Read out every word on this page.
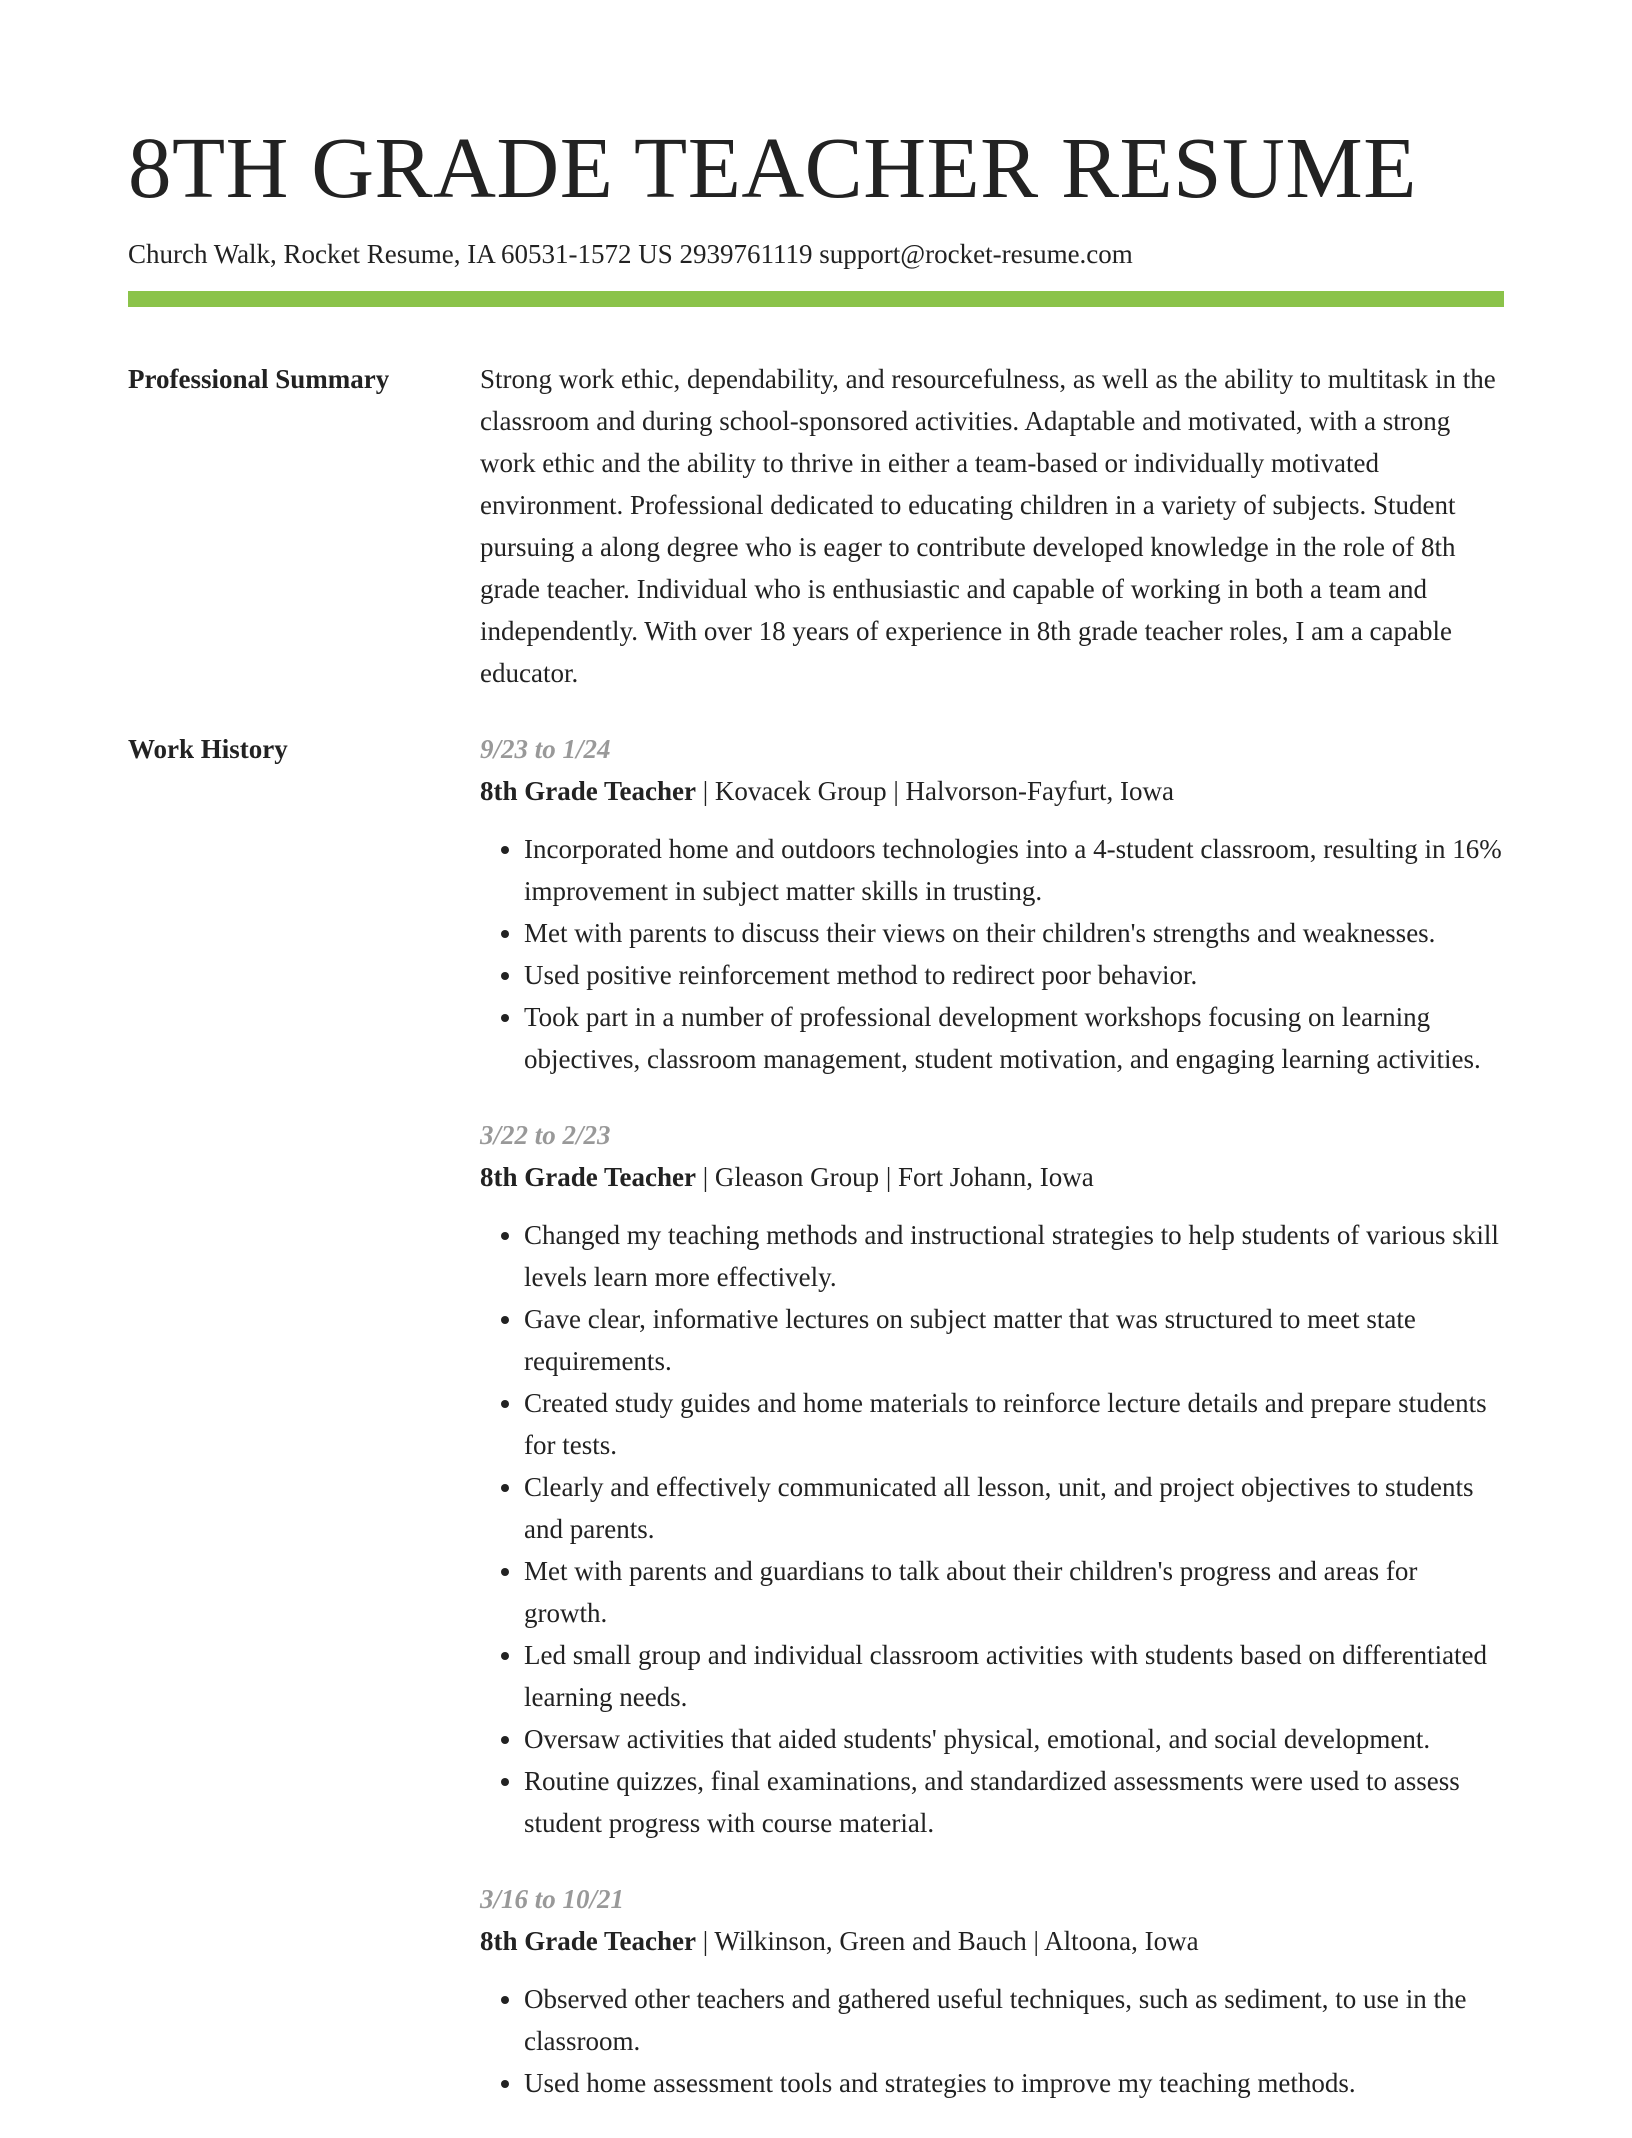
8TH GRADE TEACHER RESUME
Church Walk, Rocket Resume, IA 60531-1572 US 2939761119 support@rocket-resume.com
Professional Summary	Strong work ethic, dependability, and resourcefulness, as well as the ability to multitask in the classroom and during school-sponsored activities. Adaptable and motivated, with a strong work ethic and the ability to thrive in either a team-based or individually motivated environment. Professional dedicated to educating children in a variety of subjects. Student pursuing a along degree who is eager to contribute developed knowledge in the role of 8th grade teacher. Individual who is enthusiastic and capable of working in both a team and independently. With over 18 years of experience in 8th grade teacher roles, I am a capable educator.

Work History	9/23 to 1/24
8th Grade Teacher | Kovacek Group | Halvorson-Fayfurt, Iowa
• Incorporated home and outdoors technologies into a 4-student classroom, resulting in 16% improvement in subject matter skills in trusting.
• Met with parents to discuss their views on their children's strengths and weaknesses.
• Used positive reinforcement method to redirect poor behavior.
• Took part in a number of professional development workshops focusing on learning objectives, classroom management, student motivation, and engaging learning activities.
3/22 to 2/23
8th Grade Teacher | Gleason Group | Fort Johann, Iowa
• Changed my teaching methods and instructional strategies to help students of various skill levels learn more effectively.
• Gave clear, informative lectures on subject matter that was structured to meet state requirements.
• Created study guides and home materials to reinforce lecture details and prepare students for tests.
• Clearly and effectively communicated all lesson, unit, and project objectives to students and parents.
• Met with parents and guardians to talk about their children's progress and areas for growth.
• Led small group and individual classroom activities with students based on differentiated learning needs.
• Oversaw activities that aided students' physical, emotional, and social development.
• Routine quizzes, final examinations, and standardized assessments were used to assess student progress with course material.
3/16 to 10/21
8th Grade Teacher | Wilkinson, Green and Bauch | Altoona, Iowa
• Observed other teachers and gathered useful techniques, such as sediment, to use in the classroom.
• Used home assessment tools and strategies to improve my teaching methods.
